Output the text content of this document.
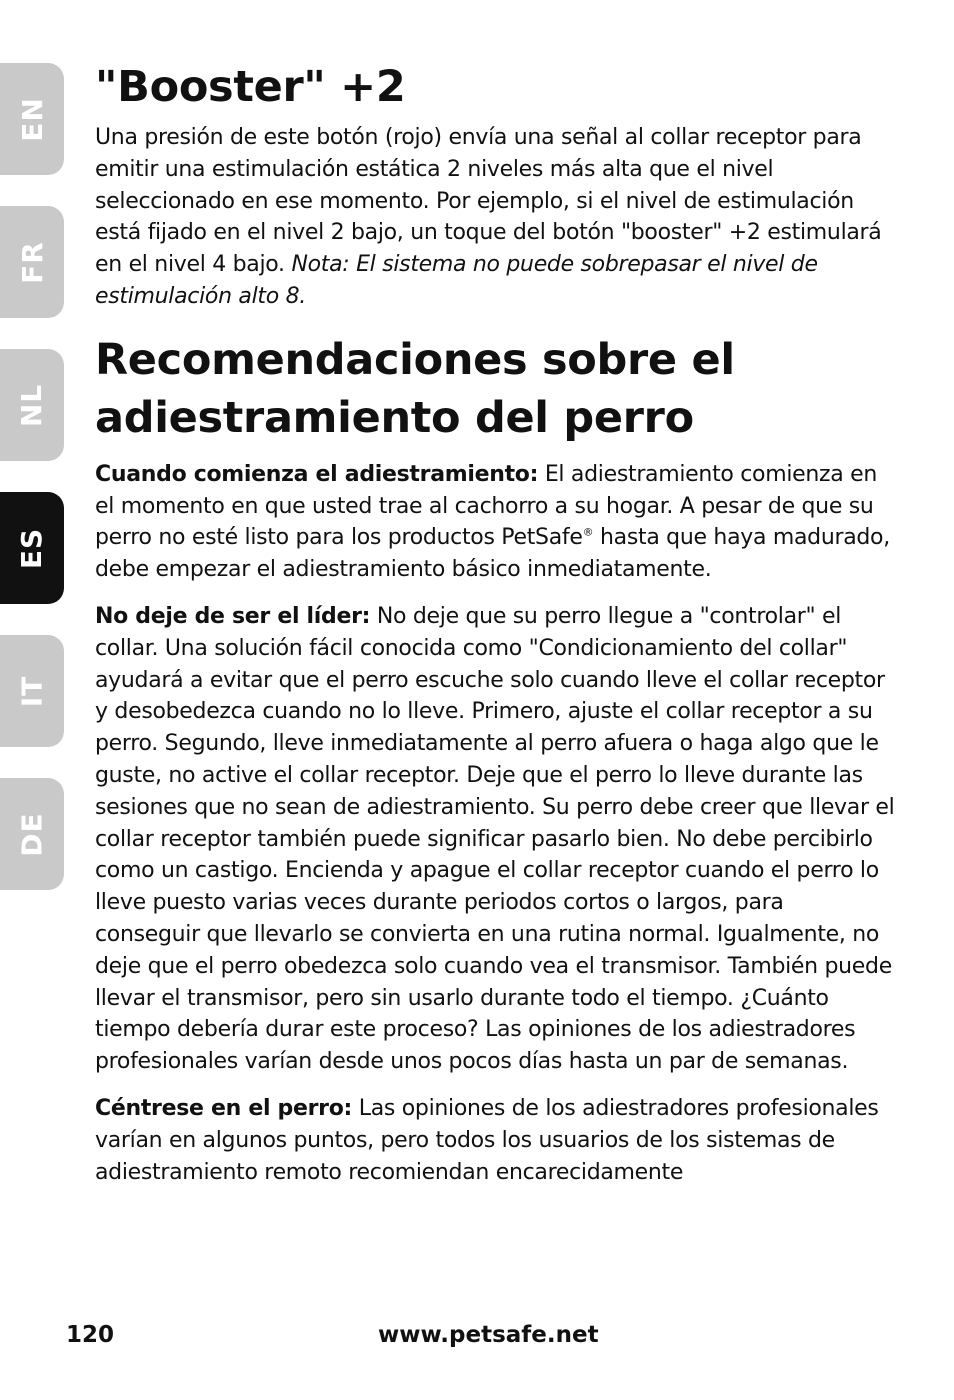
EN
FR
NL
ES
IT
DE
"Booster" +2

Una presión de este botón (rojo) envía una señal al collar receptor para emitir una estimulación estática 2 niveles más alta que el nivel seleccionado en ese momento. Por ejemplo, si el nivel de estimulación está fijado en el nivel 2 bajo, un toque del botón "booster" +2 estimulará en el nivel 4 bajo. Nota: El sistema no puede sobrepasar el nivel de estimulación alto 8.

Recomendaciones sobre el
adiestramiento del perro

Cuando comienza el adiestramiento: El adiestramiento comienza en el momento en que usted trae al cachorro a su hogar. A pesar de que su perro no esté listo para los productos PetSafe® hasta que haya madurado, debe empezar el adiestramiento básico inmediatamente.

No deje de ser el líder: No deje que su perro llegue a "controlar" el collar. Una solución fácil conocida como "Condicionamiento del collar" ayudará a evitar que el perro escuche solo cuando lleve el collar receptor y desobedezca cuando no lo lleve. Primero, ajuste el collar receptor a su perro. Segundo, lleve inmediatamente al perro afuera o haga algo que le guste, no active el collar receptor. Deje que el perro lo lleve durante las sesiones que no sean de adiestramiento. Su perro debe creer que llevar el collar receptor también puede significar pasarlo bien. No debe percibirlo como un castigo. Encienda y apague el collar receptor cuando el perro lo lleve puesto varias veces durante periodos cortos o largos, para conseguir que llevarlo se convierta en una rutina normal. Igualmente, no deje que el perro obedezca solo cuando vea el transmisor. También puede llevar el transmisor, pero sin usarlo durante todo el tiempo. ¿Cuánto tiempo debería durar este proceso? Las opiniones de los adiestradores profesionales varían desde unos pocos días hasta un par de semanas.

Céntrese en el perro: Las opiniones de los adiestradores profesionales varían en algunos puntos, pero todos los usuarios de los sistemas de adiestramiento remoto recomiendan encarecidamente

120	www.petsafe.net
